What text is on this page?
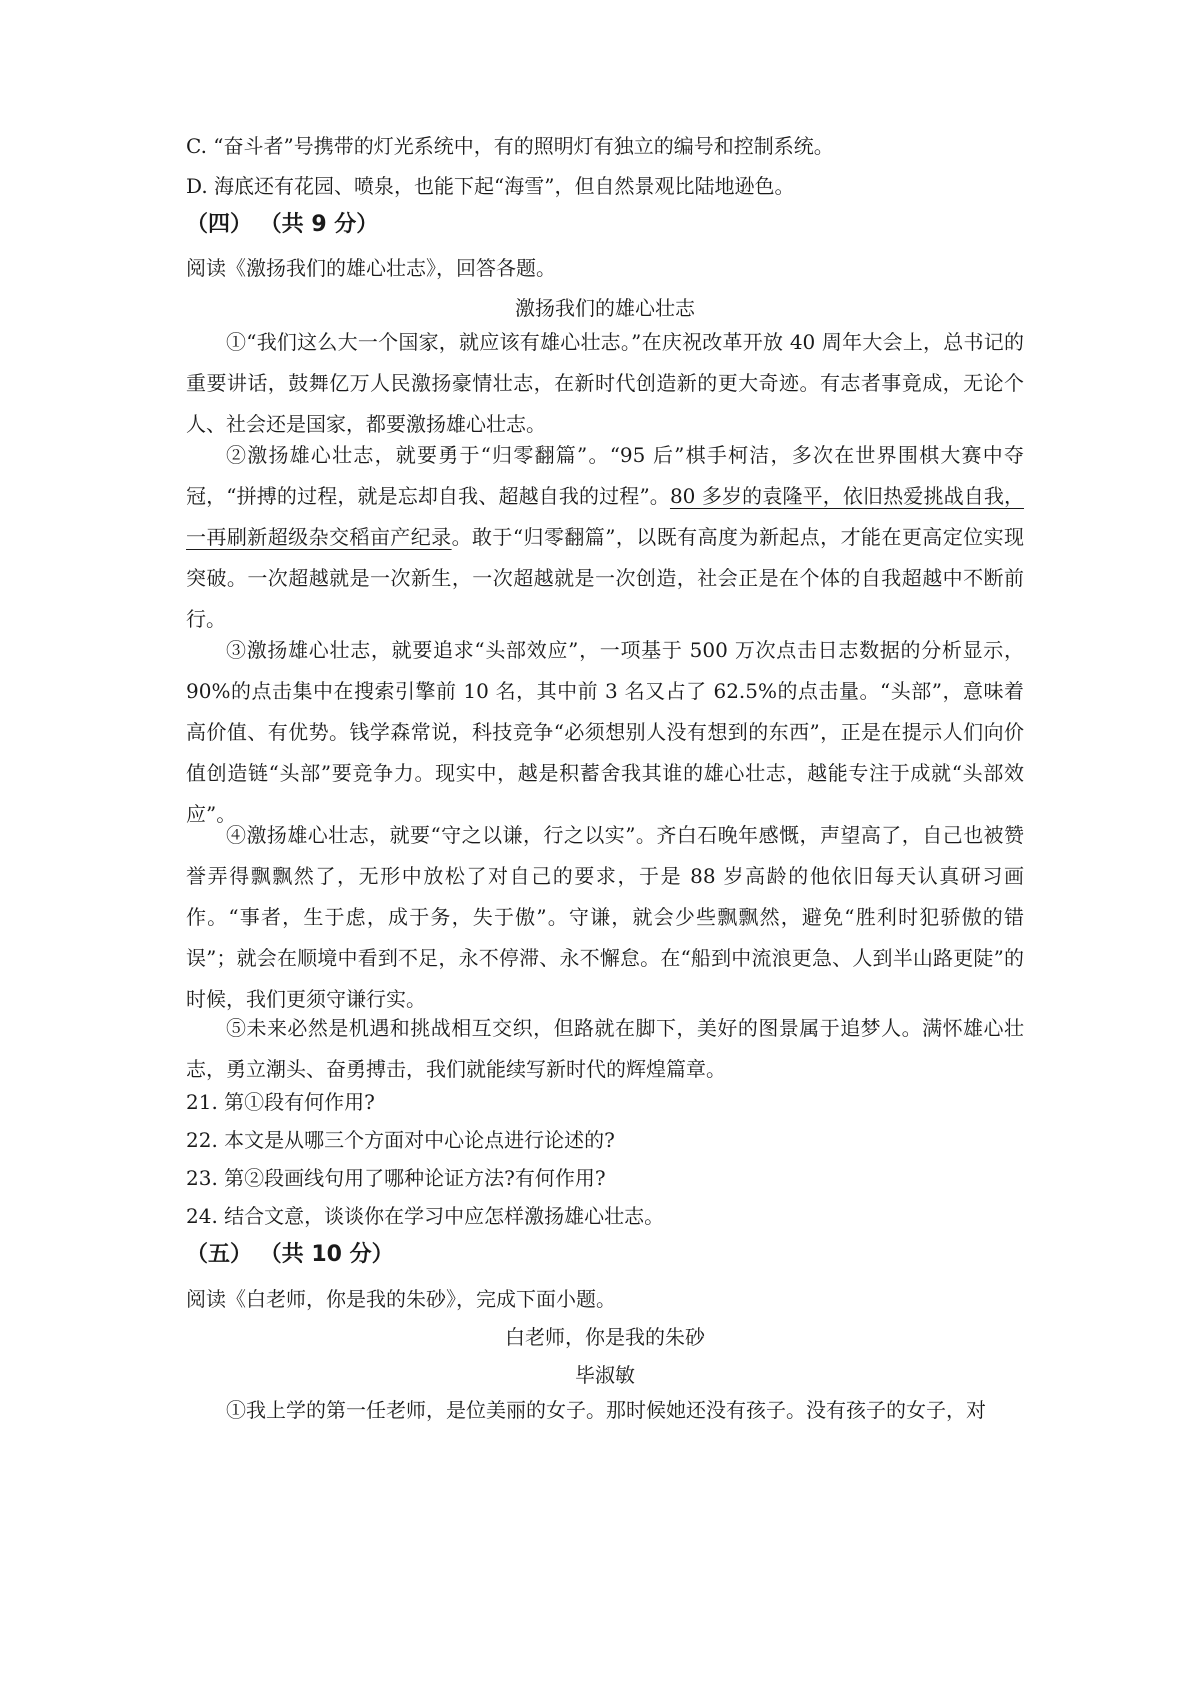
C. “奋斗者”号携带的灯光系统中，有的照明灯有独立的编号和控制系统。
D. 海底还有花园、喷泉，也能下起“海雪”，但自然景观比陆地逊色。
（四） （共 9 分）
阅读《激扬我们的雄心壮志》，回答各题。
激扬我们的雄心壮志
①“我们这么大一个国家，就应该有雄心壮志。”在庆祝改革开放 40 周年大会上，总书记的重要讲话，鼓舞亿万人民激扬豪情壮志，在新时代创造新的更大奇迹。有志者事竟成，无论个人、社会还是国家，都要激扬雄心壮志。
②激扬雄心壮志，就要勇于“归零翻篇”。“95 后”棋手柯洁，多次在世界围棋大赛中夺冠，“拼搏的过程，就是忘却自我、超越自我的过程”。80 多岁的袁隆平，依旧热爱挑战自我，一再刷新超级杂交稻亩产纪录。敢于“归零翻篇”，以既有高度为新起点，才能在更高定位实现突破。一次超越就是一次新生，一次超越就是一次创造，社会正是在个体的自我超越中不断前行。
③激扬雄心壮志，就要追求“头部效应”，一项基于 500 万次点击日志数据的分析显示，90%的点击集中在搜索引擎前 10 名，其中前 3 名又占了 62.5%的点击量。“头部”，意味着高价值、有优势。钱学森常说，科技竞争“必须想别人没有想到的东西”，正是在提示人们向价值创造链“头部”要竞争力。现实中，越是积蓄舍我其谁的雄心壮志，越能专注于成就“头部效应”。
④激扬雄心壮志，就要“守之以谦，行之以实”。齐白石晚年感慨，声望高了，自己也被赞誉弄得飘飘然了，无形中放松了对自己的要求，于是 88 岁高龄的他依旧每天认真研习画作。“事者，生于虑，成于务，失于傲”。守谦，就会少些飘飘然，避免“胜利时犯骄傲的错误”；就会在顺境中看到不足，永不停滞、永不懈怠。在“船到中流浪更急、人到半山路更陡”的时候，我们更须守谦行实。
⑤未来必然是机遇和挑战相互交织，但路就在脚下，美好的图景属于追梦人。满怀雄心壮志，勇立潮头、奋勇搏击，我们就能续写新时代的辉煌篇章。
21. 第①段有何作用?
22. 本文是从哪三个方面对中心论点进行论述的?
23. 第②段画线句用了哪种论证方法?有何作用?
24. 结合文意，谈谈你在学习中应怎样激扬雄心壮志。
（五） （共 10 分）
阅读《白老师，你是我的朱砂》，完成下面小题。
白老师，你是我的朱砂
毕淑敏
①我上学的第一任老师，是位美丽的女子。那时候她还没有孩子。没有孩子的女子，对
